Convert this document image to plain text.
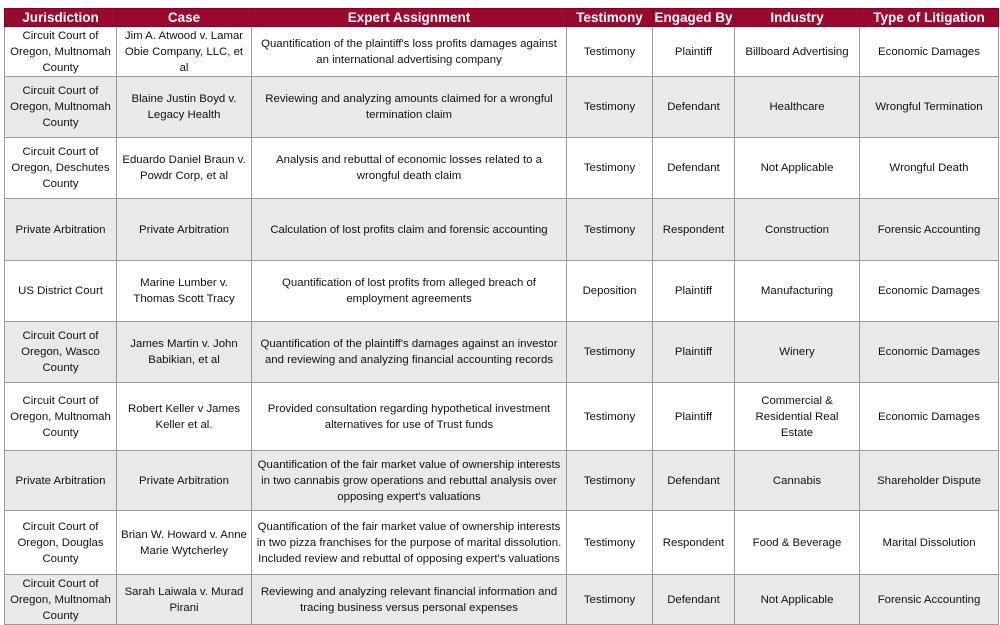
Jurisdiction	Case	Expert Assignment	Testimony	Engaged By	Industry	Type of Litigation
Circuit Court of Oregon, Multnomah County	Jim A. Atwood v. Lamar Obie Company, LLC, et al	Quantification of the plaintiff's loss profits damages against an international advertising company	Testimony	Plaintiff	Billboard Advertising	Economic Damages
Circuit Court of Oregon, Multnomah County	Blaine Justin Boyd v. Legacy Health	Reviewing and analyzing amounts claimed for a wrongful termination claim	Testimony	Defendant	Healthcare	Wrongful Termination
Circuit Court of Oregon, Deschutes County	Eduardo Daniel Braun v. Powdr Corp, et al	Analysis and rebuttal of economic losses related to a wrongful death claim	Testimony	Defendant	Not Applicable	Wrongful Death
Private Arbitration	Private Arbitration	Calculation of lost profits claim and forensic accounting	Testimony	Respondent	Construction	Forensic Accounting
US District Court	Marine Lumber v. Thomas Scott Tracy	Quantification of lost profits from alleged breach of employment agreements	Deposition	Plaintiff	Manufacturing	Economic Damages
Circuit Court of Oregon, Wasco County	James Martin v. John Babikian, et al	Quantification of the plaintiff's damages against an investor and reviewing and analyzing financial accounting records	Testimony	Plaintiff	Winery	Economic Damages
Circuit Court of Oregon, Multnomah County	Robert Keller v James Keller et al.	Provided consultation regarding hypothetical investment alternatives for use of Trust funds	Testimony	Plaintiff	Commercial & Residential Real Estate	Economic Damages
Private Arbitration	Private Arbitration	Quantification of the fair market value of ownership interests in two cannabis grow operations and rebuttal analysis over opposing expert's valuations	Testimony	Defendant	Cannabis	Shareholder Dispute
Circuit Court of Oregon, Douglas County	Brian W. Howard v. Anne Marie Wytcherley	Quantification of the fair market value of ownership interests in two pizza franchises for the purpose of marital dissolution. Included review and rebuttal of opposing expert's valuations	Testimony	Respondent	Food & Beverage	Marital Dissolution
Circuit Court of Oregon, Multnomah County	Sarah Laiwala v. Murad Pirani	Reviewing and analyzing relevant financial information and tracing business versus personal expenses	Testimony	Defendant	Not Applicable	Forensic Accounting
